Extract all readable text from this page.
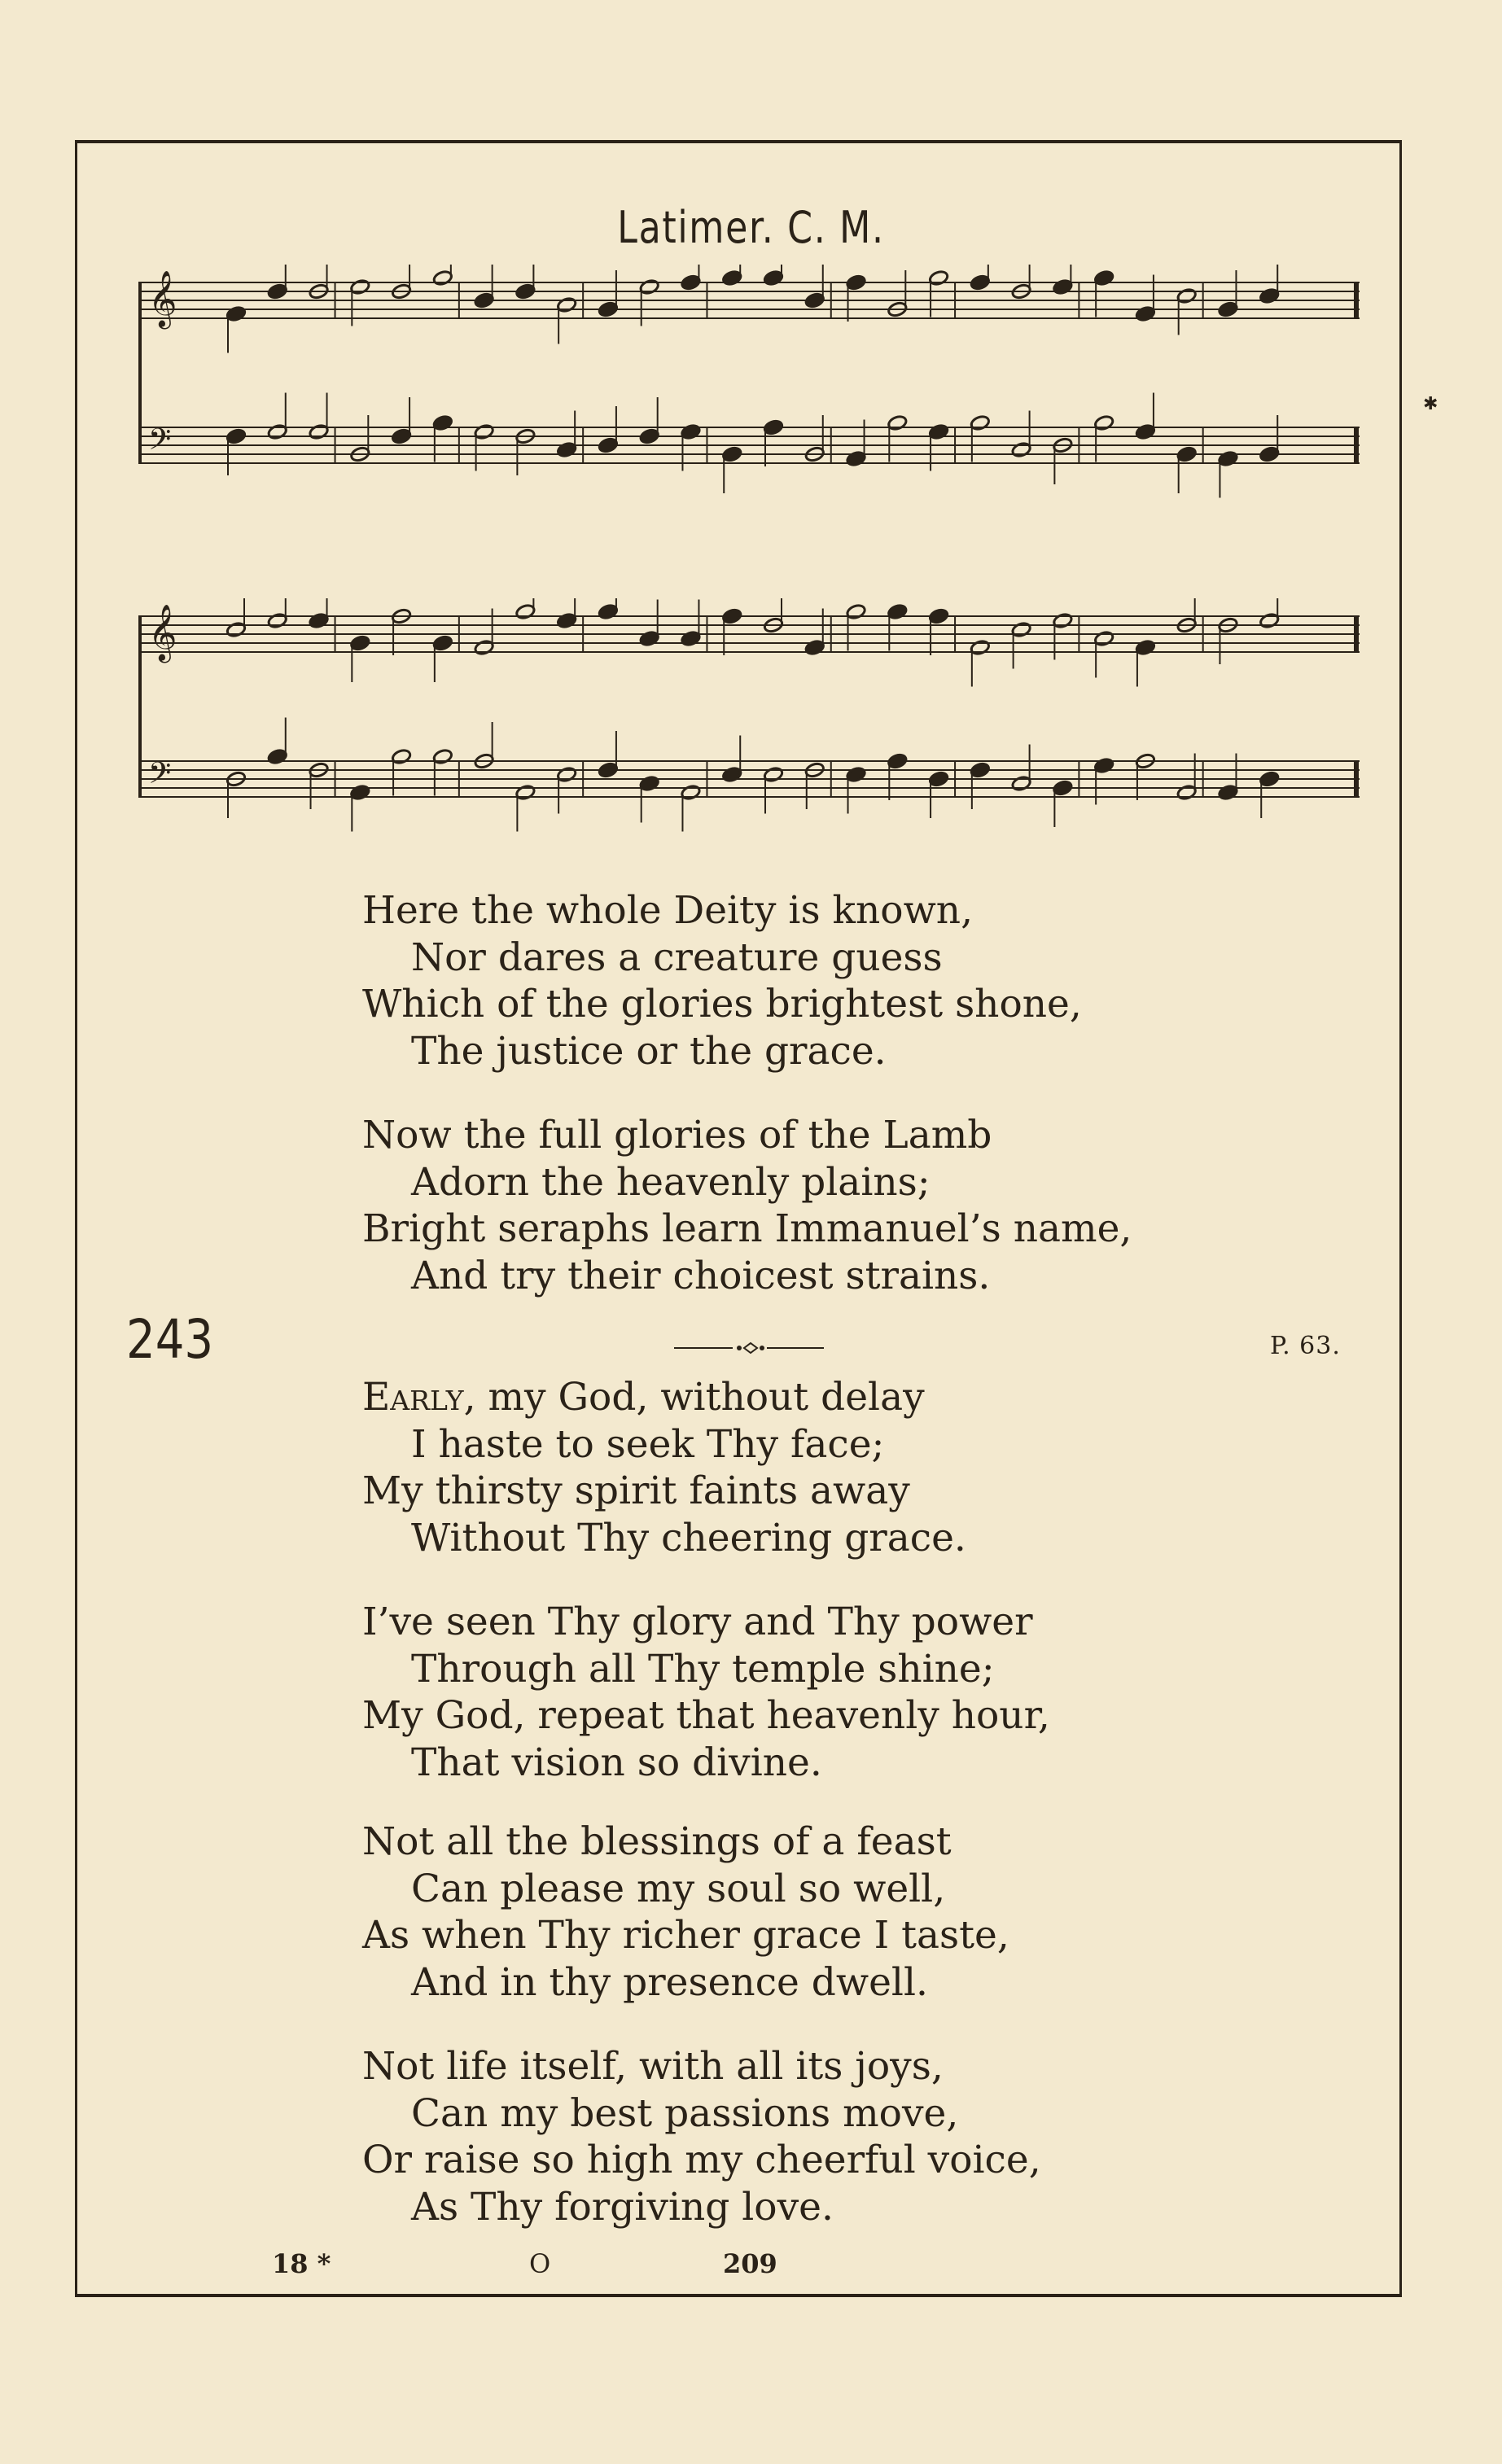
✱
Latimer. C. M.
𝄞
𝄢
𝄞
𝄢
Here the whole Deity is known,
Nor dares a creature guess
Which of the glories brightest shone,
The justice or the grace.
Now the full glories of the Lamb
Adorn the heavenly plains;
Bright seraphs learn Immanuel’s name,
And try their choicest strains.
243	P. 63.
Early, my God, without delay
I haste to seek Thy face;
My thirsty spirit faints away
Without Thy cheering grace.
I’ve seen Thy glory and Thy power
Through all Thy temple shine;
My God, repeat that heavenly hour,
That vision so divine.
Not all the blessings of a feast
Can please my soul so well,
As when Thy richer grace I taste,
And in thy presence dwell.
Not life itself, with all its joys,
Can my best passions move,
Or raise so high my cheerful voice,
As Thy forgiving love.
18 *	O	209
